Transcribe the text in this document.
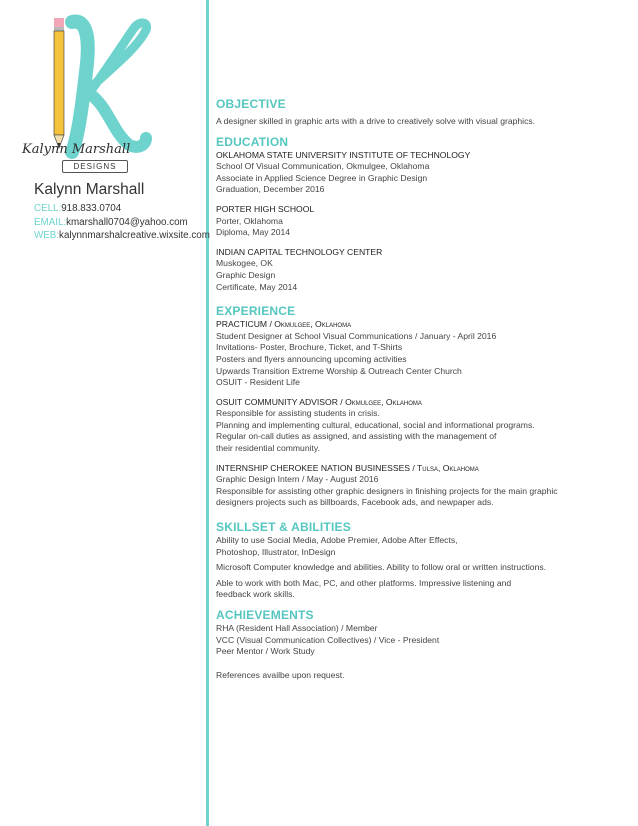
Kalynn Marshall
DESIGNS
Kalynn Marshall
CELL:918.833.0704
EMAIL:kmarshall0704@yahoo.com
WEB:kalynnmarshalcreative.wixsite.com
OBJECTIVE
A designer skilled in graphic arts with a drive to creatively solve with visual graphics.
EDUCATION
OKLAHOMA STATE UNIVERSITY INSTITUTE OF TECHNOLOGY
School Of Visual Communication, Okmulgee, Oklahoma
Associate in Applied Science Degree in Graphic Design
Graduation, December 2016
PORTER HIGH SCHOOL
Porter, Oklahoma
Diploma, May 2014
INDIAN CAPITAL TECHNOLOGY CENTER
Muskogee, OK
Graphic Design
Certificate, May 2014
EXPERIENCE
PRACTICUM / Okmulgee, Oklahoma
Student Designer at School Visual Communications / January - April 2016
Invitations- Poster, Brochure, Ticket, and T-Shirts
Posters and flyers announcing upcoming activities
Upwards Transition Extreme Worship & Outreach Center Church
OSUIT - Resident Life
OSUIT COMMUNITY ADVISOR / Okmulgee, Oklahoma
Responsible for assisting students in crisis.
Planning and implementing cultural, educational, social and informational programs.
Regular on-call duties as assigned, and assisting with the management of
their residential community.
INTERNSHIP CHEROKEE NATION BUSINESSES / Tulsa, Oklahoma
Graphic Design Intern / May - August 2016
Responsible for assisting other graphic designers in finishing projects for the main graphic
designers projects such as billboards, Facebook ads, and newpaper ads.
SKILLSET & ABILITIES
Ability to use Social Media, Adobe Premier, Adobe After Effects,
Photoshop, Illustrator, InDesign
Microsoft Computer knowledge and abilities. Ability to follow oral or written instructions.
Able to work with both Mac, PC, and other platforms. Impressive listening and
feedback work skills.
ACHIEVEMENTS
RHA (Resident Hall Association) / Member
VCC (Visual Communication Collectives) / Vice - President
Peer Mentor / Work Study
References availbe upon request.
